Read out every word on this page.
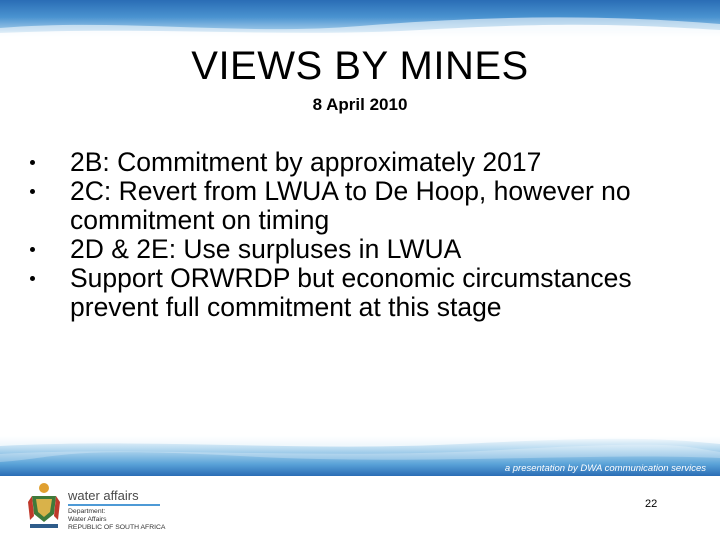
VIEWS BY MINES
8 April 2010
2B: Commitment by approximately 2017
2C: Revert from LWUA to De Hoop, however no commitment on timing
2D & 2E: Use surpluses in LWUA
Support ORWRDP but economic circumstances prevent full commitment at this stage
a presentation by DWA communication services
water affairs
Department:
Water Affairs
REPUBLIC OF SOUTH AFRICA
22
